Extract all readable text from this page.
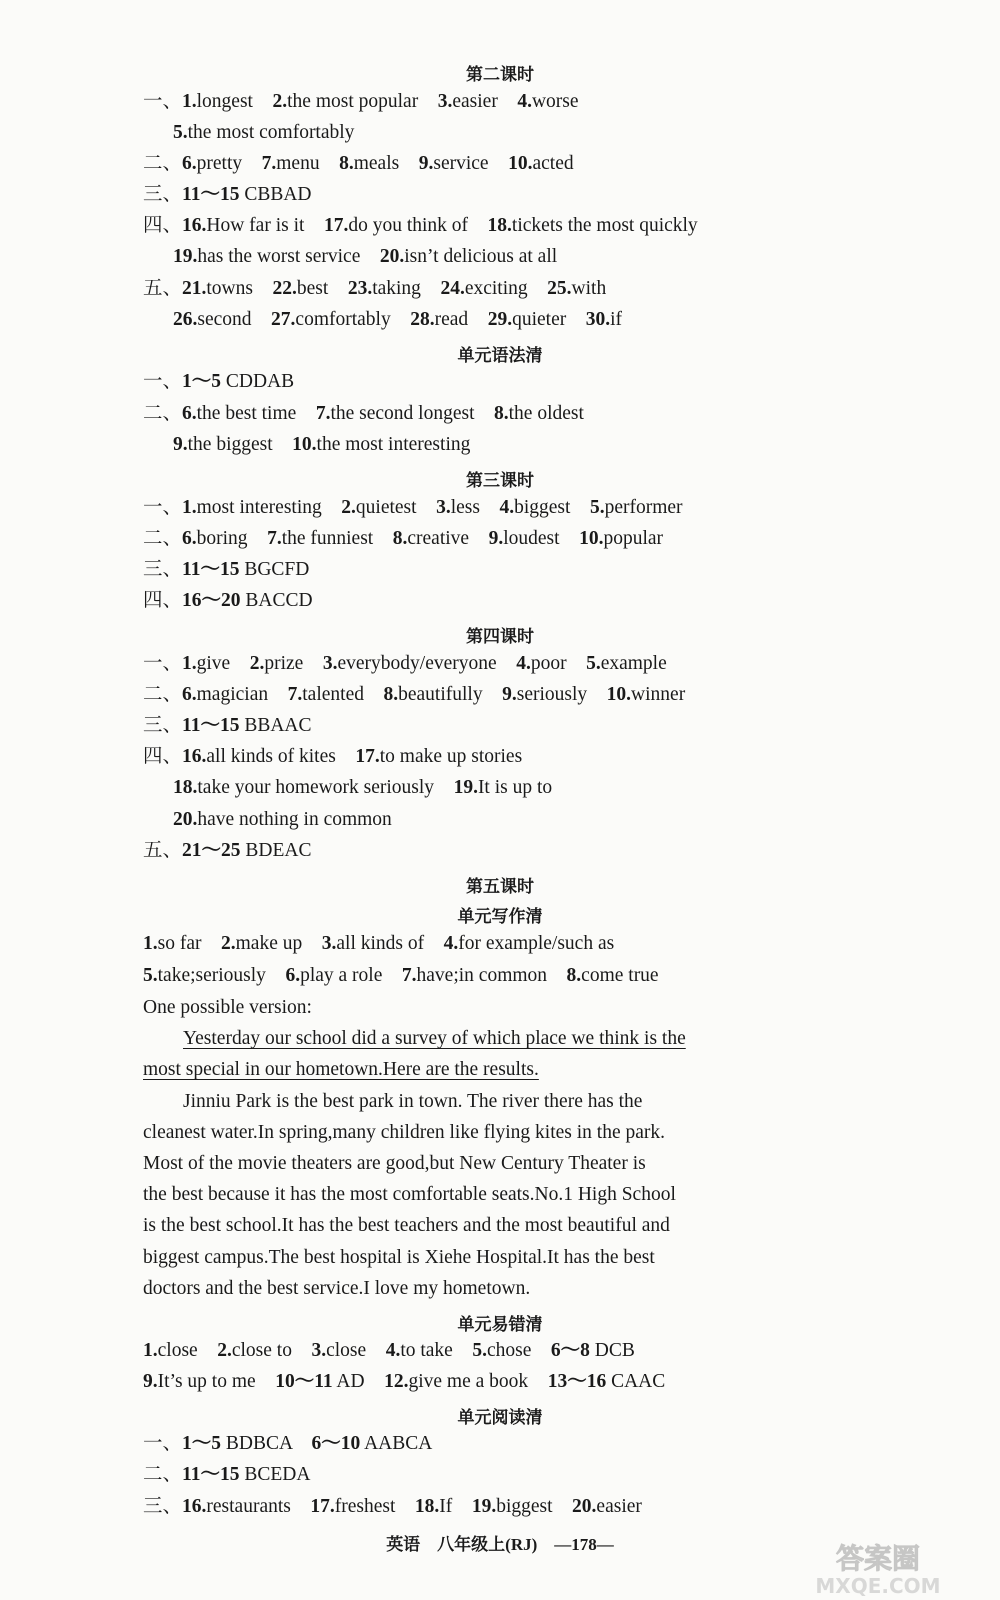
第二课时
一、1.longest　 2.the most popular　 3.easier　 4.worse
5.the most comfortably
二、6.pretty　 7.menu　 8.meals　 9.service　 10.acted
三、11～15 CBBAD
四、16.How far is it　 17.do you think of　 18.tickets the most quickly
19.has the worst service　 20.isn’t delicious at all
五、21.towns　 22.best　 23.taking　 24.exciting　 25.with
26.second　 27.comfortably　 28.read　 29.quieter　 30.if
单元语法清
一、1～5 CDDAB
二、6.the best time　 7.the second longest　 8.the oldest
9.the biggest　 10.the most interesting
第三课时
一、1.most interesting　 2.quietest　 3.less　 4.biggest　 5.performer
二、6.boring　 7.the funniest　 8.creative　 9.loudest　 10.popular
三、11～15 BGCFD
四、16～20 BACCD
第四课时
一、1.give　 2.prize　 3.everybody/everyone　 4.poor　 5.example
二、6.magician　 7.talented　 8.beautifully　 9.seriously　 10.winner
三、11～15 BBAAC
四、16.all kinds of kites　 17.to make up stories
18.take your homework seriously　 19.It is up to
20.have nothing in common
五、21～25 BDEAC
第五课时
单元写作清
1.so far　 2.make up　 3.all kinds of　 4.for example/such as
5.take;seriously　 6.play a role　 7.have;in common　 8.come true
One possible version:
Yesterday our school did a survey of which place we think is the
most special in our hometown.Here are the results.
Jinniu Park is the best park in town. The river there has the
cleanest water.In spring,many children like flying kites in the park.
Most of the movie theaters are good,but New Century Theater is
the best because it has the most comfortable seats.No.1 High School
is the best school.It has the best teachers and the most beautiful and
biggest campus.The best hospital is Xiehe Hospital.It has the best
doctors and the best service.I love my hometown.
单元易错清
1.close　 2.close to　 3.close　 4.to take　 5.chose　 6～8 DCB
9.It’s up to me　 10～11 AD　 12.give me a book　 13～16 CAAC
单元阅读清
一、1～5 BDBCA　 6～10 AABCA
二、11～15 BCEDA
三、16.restaurants　 17.freshest　 18.If　 19.biggest　 20.easier
英语　八年级上(RJ)　—178—	答案圈
MXQE.COM
